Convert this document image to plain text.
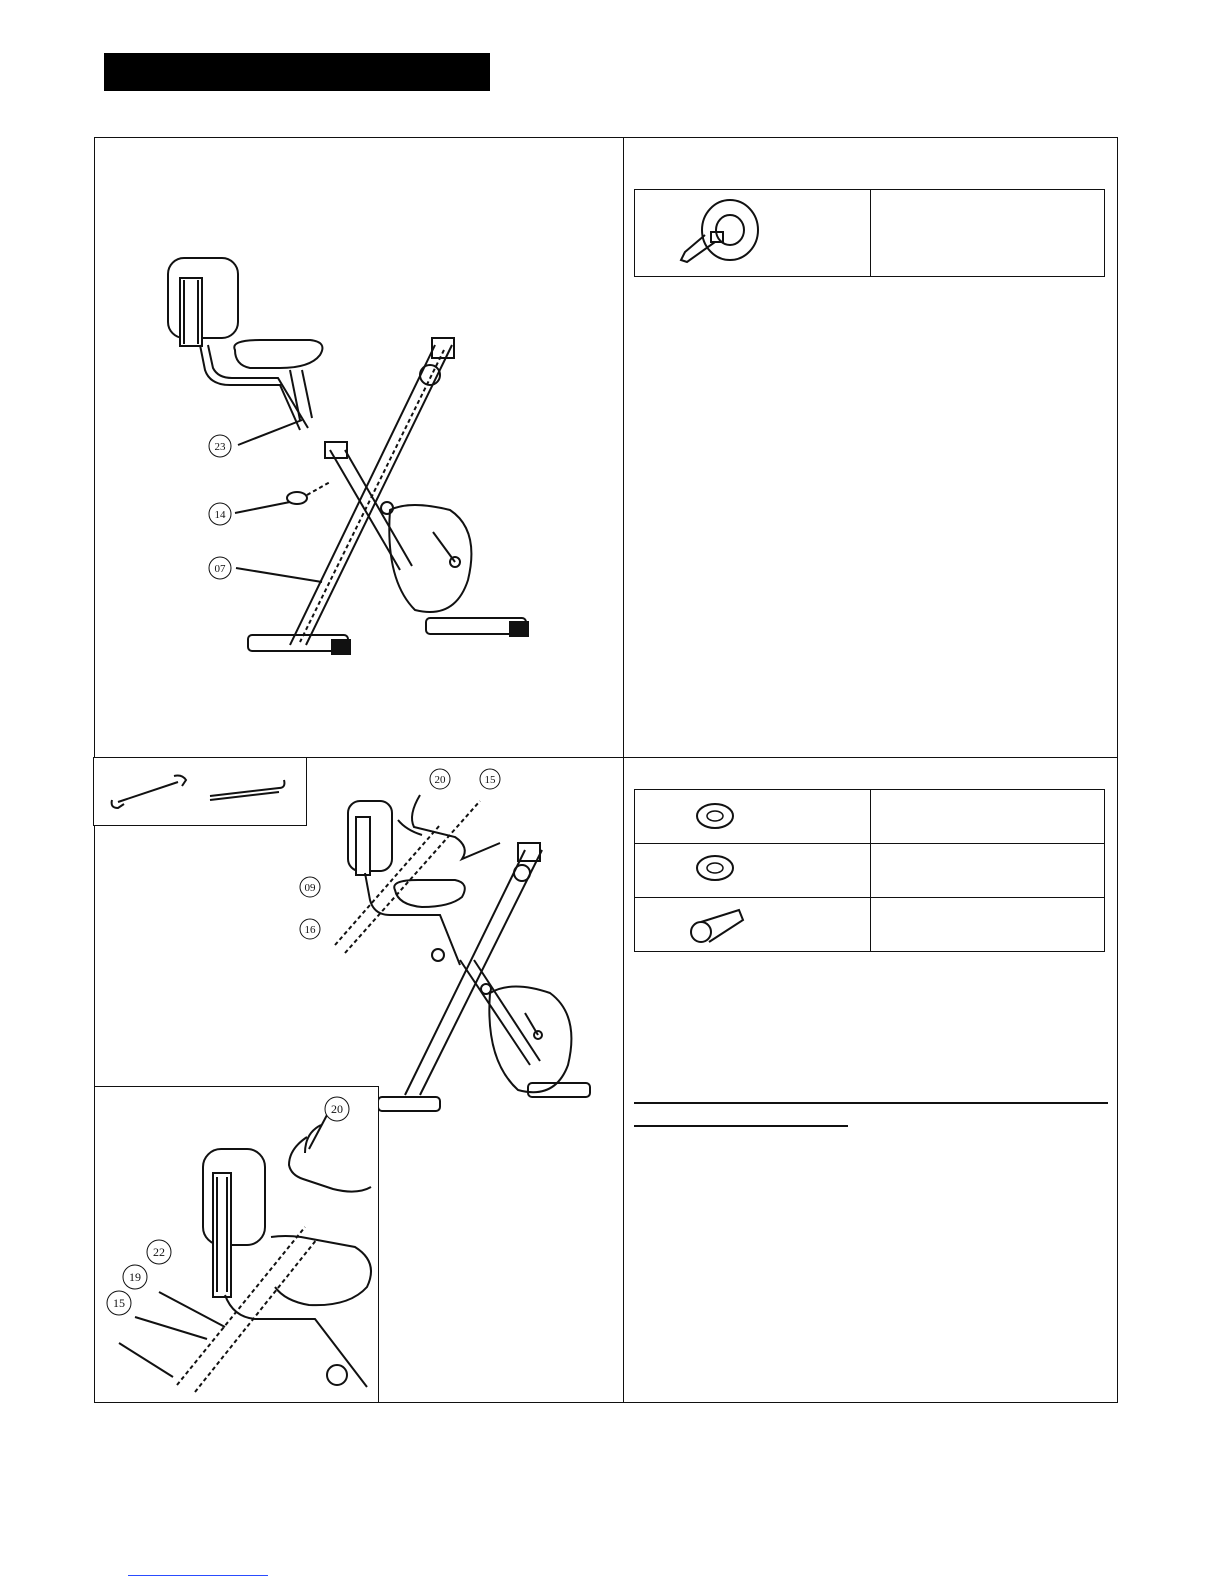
23
14
07

20	15
09
16
20
22
19
15
